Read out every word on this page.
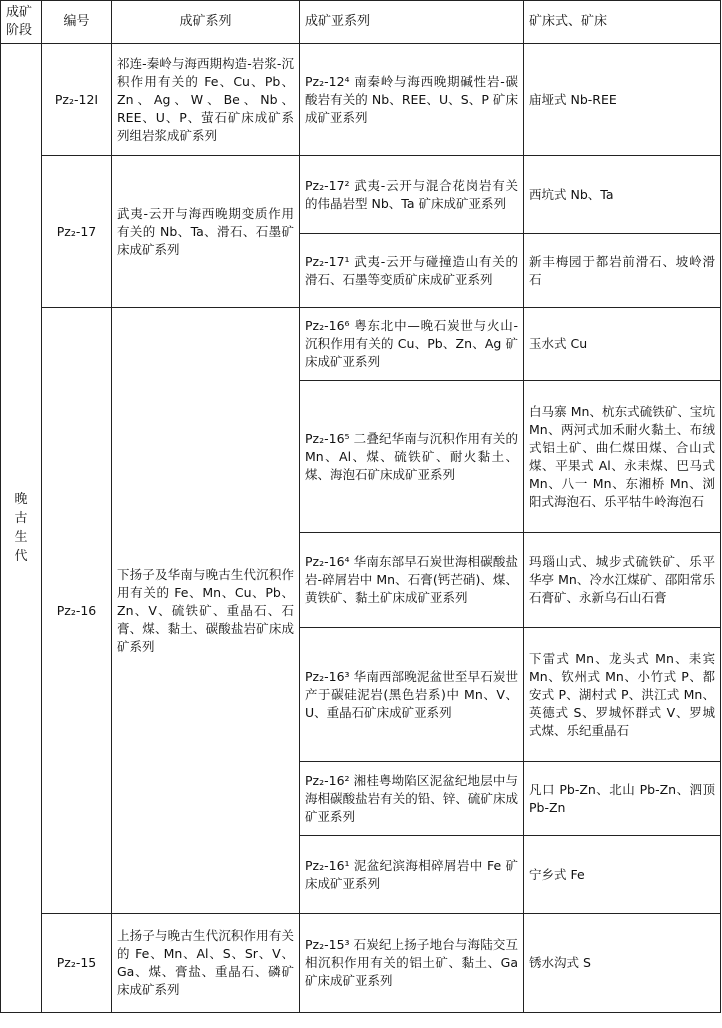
成矿阶段	编号	成矿系列	成矿亚系列	矿床式、矿床
晚古生代	Pz₂-12I	祁连-秦岭与海西期构造-岩浆-沉积作用有关的 Fe、Cu、Pb、Zn、Ag、W、Be、Nb、REE、U、P、萤石矿床成矿系列组岩浆成矿系列	Pz₂-12⁴ 南秦岭与海西晚期碱性岩-碳酸岩有关的 Nb、REE、U、S、P 矿床成矿亚系列	庙垭式 Nb-REE
	Pz₂-17	武夷-云开与海西晚期变质作用有关的 Nb、Ta、滑石、石墨矿床成矿系列	Pz₂-17² 武夷-云开与混合花岗岩有关的伟晶岩型 Nb、Ta 矿床成矿亚系列	西坑式 Nb、Ta
			Pz₂-17¹ 武夷-云开与碰撞造山有关的滑石、石墨等变质矿床成矿亚系列	新丰梅园于都岩前滑石、坡岭滑石
	Pz₂-16	下扬子及华南与晚古生代沉积作用有关的 Fe、Mn、Cu、Pb、Zn、V、硫铁矿、重晶石、石膏、煤、黏土、碳酸盐岩矿床成矿系列	Pz₂-16⁶ 粤东北中—晚石炭世与火山-沉积作用有关的 Cu、Pb、Zn、Ag 矿床成矿亚系列	玉水式 Cu
			Pz₂-16⁵ 二叠纪华南与沉积作用有关的 Mn、Al、煤、硫铁矿、耐火黏土、煤、海泡石矿床成矿亚系列	白马寨 Mn、杭东式硫铁矿、宝坑 Mn、两河式加禾耐火黏土、布绒式铝土矿、曲仁煤田煤、合山式煤、平果式 Al、永耒煤、巴马式 Mn、八一 Mn、东湘桥 Mn、浏阳式海泡石、乐平牯牛岭海泡石
			Pz₂-16⁴ 华南东部早石炭世海相碳酸盐岩-碎屑岩中 Mn、石膏(钙芒硝)、煤、黄铁矿、黏土矿床成矿亚系列	玛瑙山式、城步式硫铁矿、乐平华亭 Mn、冷水江煤矿、邵阳常乐石膏矿、永新乌石山石膏
			Pz₂-16³ 华南西部晚泥盆世至早石炭世产于碳硅泥岩(黑色岩系)中 Mn、V、U、重晶石矿床成矿亚系列	下雷式 Mn、龙头式 Mn、耒宾 Mn、钦州式 Mn、小竹式 P、都安式 P、湖村式 P、洪江式 Mn、英德式 S、罗城怀群式 V、罗城式煤、乐纪重晶石
			Pz₂-16² 湘桂粤坳陷区泥盆纪地层中与海相碳酸盐岩有关的铅、锌、硫矿床成矿亚系列	凡口 Pb-Zn、北山 Pb-Zn、泗顶 Pb-Zn
			Pz₂-16¹ 泥盆纪滨海相碎屑岩中 Fe 矿床成矿亚系列	宁乡式 Fe
	Pz₂-15	上扬子与晚古生代沉积作用有关的 Fe、Mn、Al、S、Sr、V、Ga、煤、膏盐、重晶石、磷矿床成矿系列	Pz₂-15³ 石炭纪上扬子地台与海陆交互相沉积作用有关的铝土矿、黏土、Ga 矿床成矿亚系列	锈水沟式 S
